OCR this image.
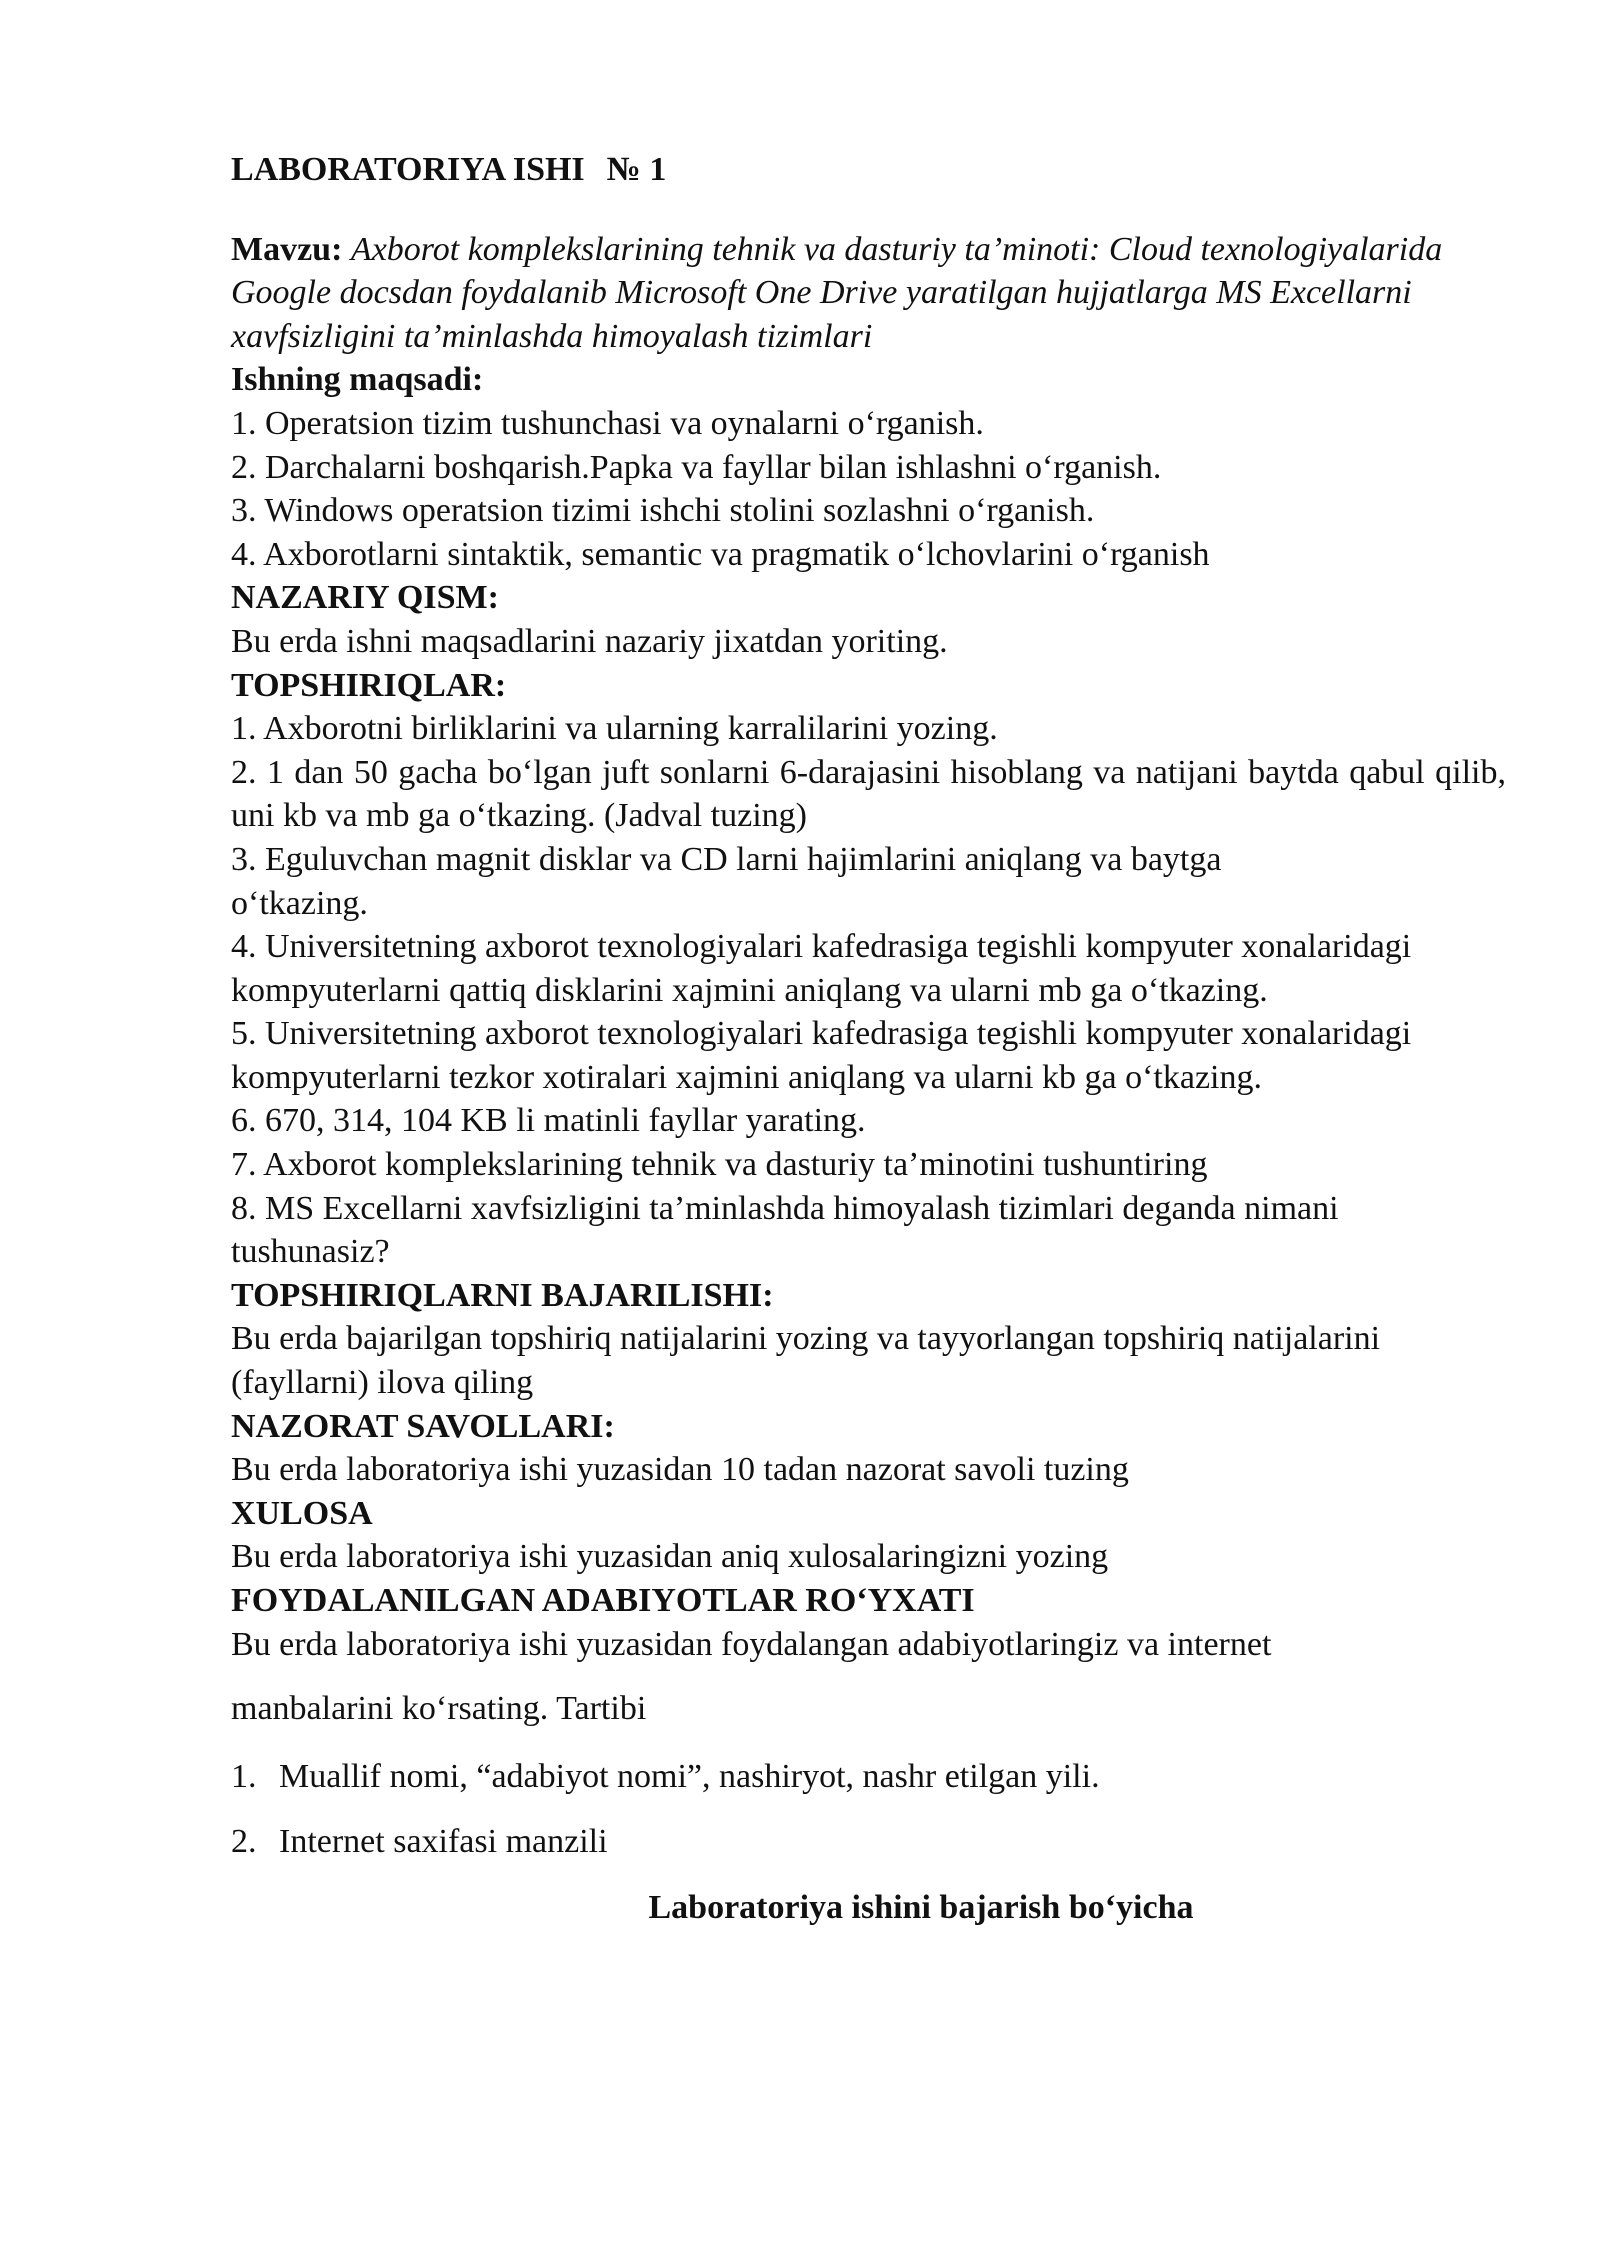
LABORATORIYA ISHI № 1

Mavzu: Axborot komplekslarining tehnik va dasturiy ta’minoti: Cloud texnologiyalarida Google docsdan foydalanib Microsoft One Drive yaratilgan hujjatlarga MS Excellarni xavfsizligini ta’minlashda himoyalash tizimlari

Ishning maqsadi:

1. Operatsion tizim tushunchasi va oynalarni o‘rganish.

2. Darchalarni boshqarish.Papka va fayllar bilan ishlashni o‘rganish.

3. Windows operatsion tizimi ishchi stolini sozlashni o‘rganish.

4. Axborotlarni sintaktik, semantic va pragmatik o‘lchovlarini o‘rganish

NAZARIY QISM:

Bu erda ishni maqsadlarini nazariy jixatdan yoriting.

TOPSHIRIQLAR:

1. Axborotni birliklarini va ularning karralilarini yozing.

2. 1 dan 50 gacha bo‘lgan juft sonlarni 6-darajasini hisoblang va natijani baytda qabul qilib, uni kb va mb ga o‘tkazing. (Jadval tuzing)

3. Eguluvchan magnit disklar va CD larni hajimlarini aniqlang va baytga o‘tkazing.

4. Universitetning axborot texnologiyalari kafedrasiga tegishli kompyuter xonalaridagi kompyuterlarni qattiq disklarini xajmini aniqlang va ularni mb ga o‘tkazing.

5. Universitetning axborot texnologiyalari kafedrasiga tegishli kompyuter xonalaridagi kompyuterlarni tezkor xotiralari xajmini aniqlang va ularni kb ga o‘tkazing.

6. 670, 314, 104 KB li matinli fayllar yarating.

7. Axborot komplekslarining tehnik va dasturiy ta’minotini tushuntiring

8. MS Excellarni xavfsizligini ta’minlashda himoyalash tizimlari deganda nimani tushunasiz?

TOPSHIRIQLARNI BAJARILISHI:

Bu erda bajarilgan topshiriq natijalarini yozing va tayyorlangan topshiriq natijalarini (fayllarni) ilova qiling

NAZORAT SAVOLLARI:

Bu erda laboratoriya ishi yuzasidan 10 tadan nazorat savoli tuzing

XULOSA

Bu erda laboratoriya ishi yuzasidan aniq xulosalaringizni yozing

FOYDALANILGAN ADABIYOTLAR RO‘YXATI

Bu erda laboratoriya ishi yuzasidan foydalangan adabiyotlaringiz va internet

manbalarini ko‘rsating. Tartibi

1. Muallif nomi, “adabiyot nomi”, nashiryot, nashr etilgan yili.
2. Internet saxifasi manzili

Laboratoriya ishini bajarish bo‘yicha
